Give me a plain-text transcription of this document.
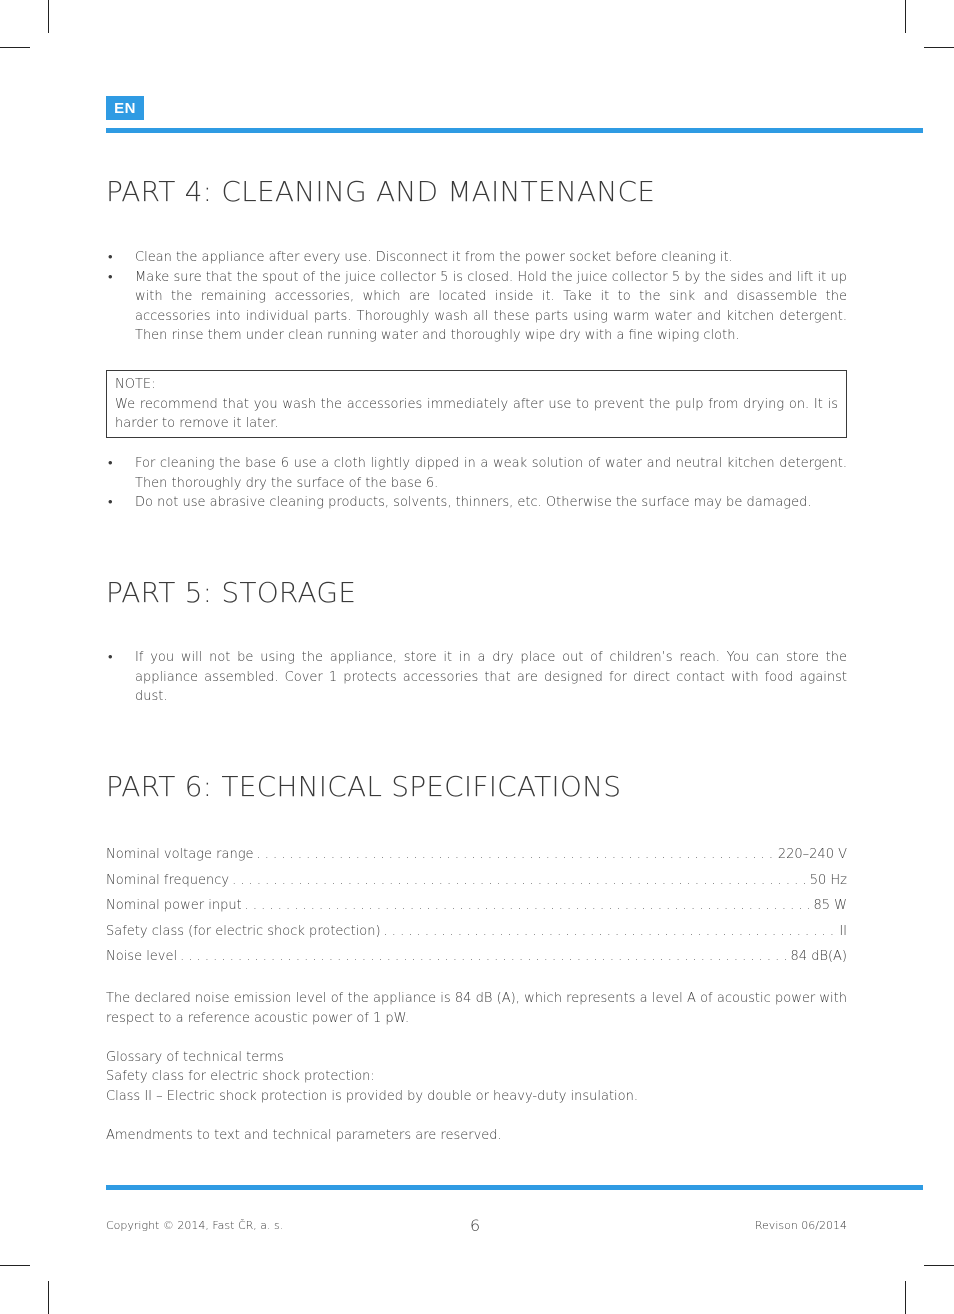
EN
PART 4: CLEANING AND MAINTENANCE
• Clean the appliance after every use. Disconnect it from the power socket before cleaning it.
• Make sure that the spout of the juice collector 5 is closed. Hold the juice collector 5 by the sides and lift it up with the remaining accessories, which are located inside it. Take it to the sink and disassemble the accessories into individual parts. Thoroughly wash all these parts using warm water and kitchen detergent. Then rinse them under clean running water and thoroughly wipe dry with a fine wiping cloth.
NOTE:
We recommend that you wash the accessories immediately after use to prevent the pulp from drying on. It is harder to remove it later.
• For cleaning the base 6 use a cloth lightly dipped in a weak solution of water and neutral kitchen detergent. Then thoroughly dry the surface of the base 6.
• Do not use abrasive cleaning products, solvents, thinners, etc. Otherwise the surface may be damaged.
PART 5: STORAGE
• If you will not be using the appliance, store it in a dry place out of children’s reach. You can store the appliance assembled. Cover 1 protects accessories that are designed for direct contact with food against dust.
PART 6: TECHNICAL SPECIFICATIONS
Nominal voltage range . . .	220–240 V
Nominal frequency . . .	50 Hz
Nominal power input . . .	85 W
Safety class (for electric shock protection) . . .	II
Noise level . . .	84 dB(A)

The declared noise emission level of the appliance is 84 dB (A), which represents a level A of acoustic power with respect to a reference acoustic power of 1 pW.

Glossary of technical terms

Safety class for electric shock protection:

Class II – Electric shock protection is provided by double or heavy-duty insulation.

Amendments to text and technical parameters are reserved.

Copyright © 2014, Fast ČR, a. s.	6	Revison 06/2014
